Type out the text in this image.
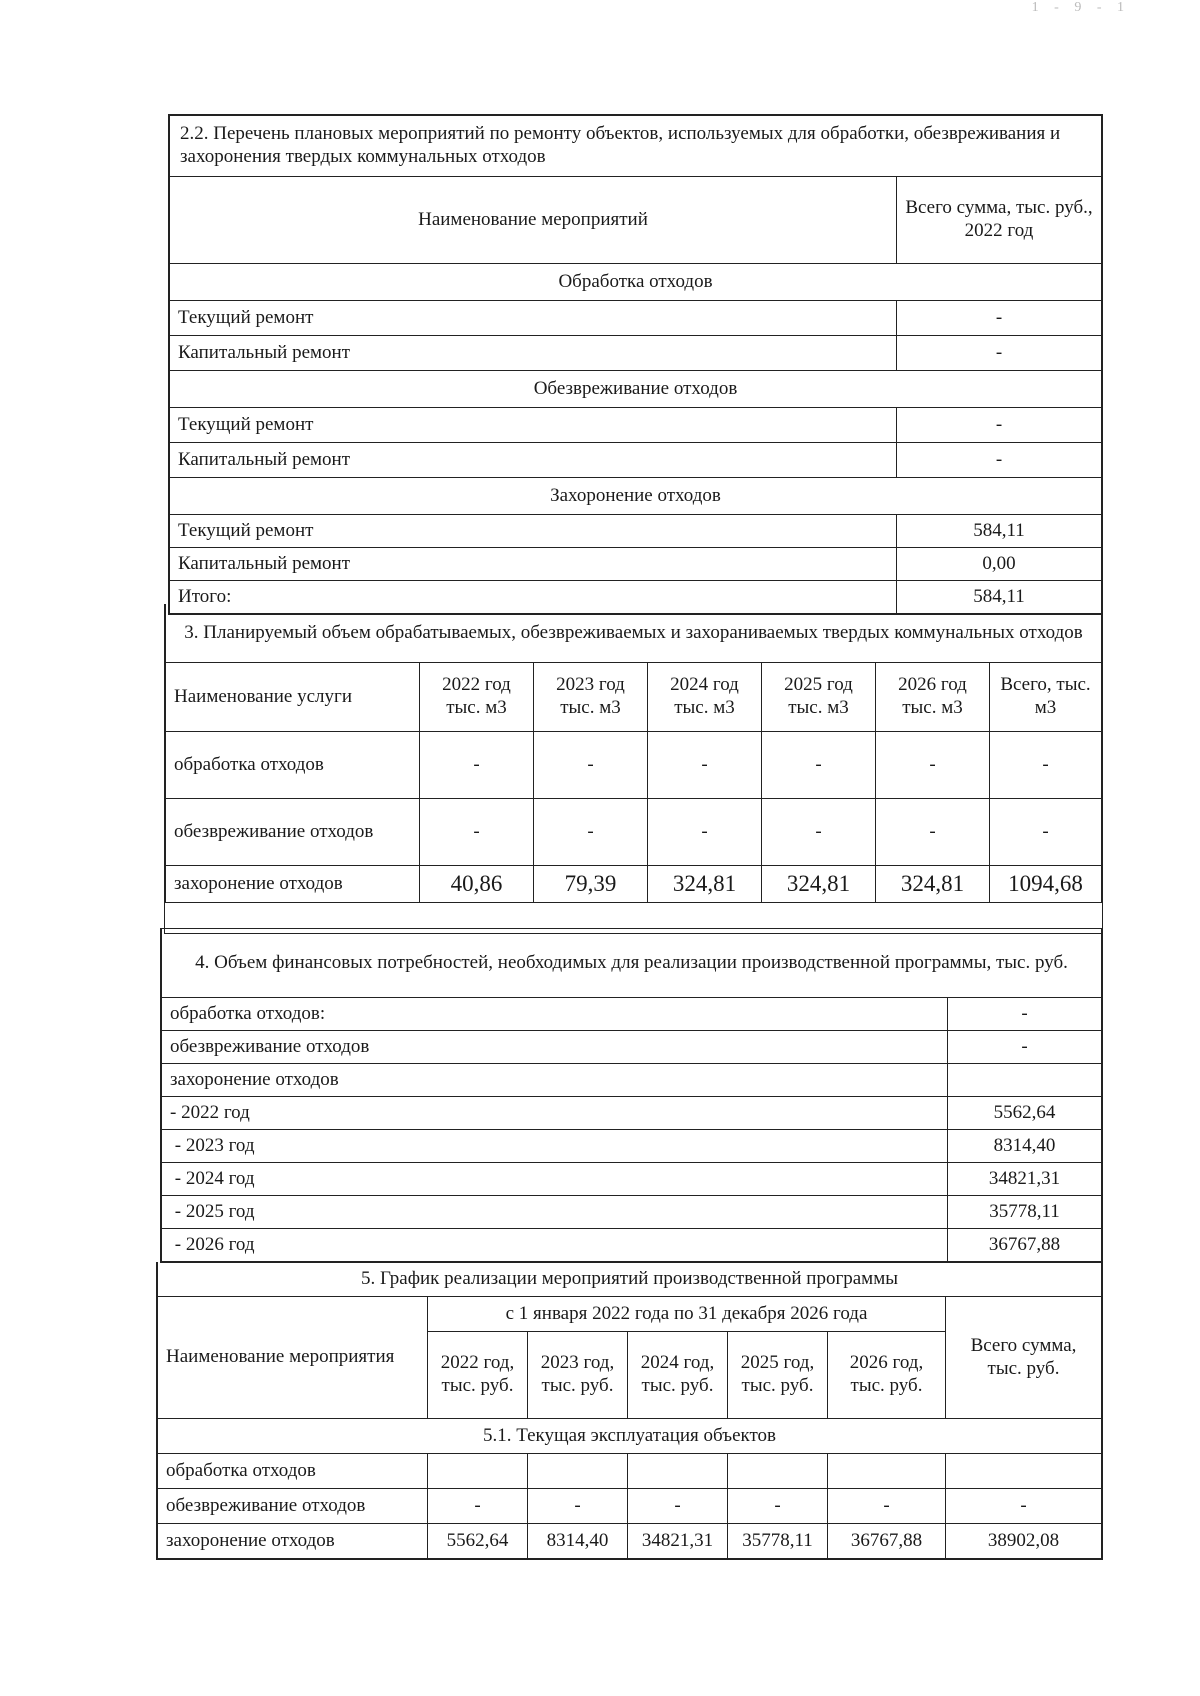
1 - 9 - 1
2.2. Перечень плановых мероприятий по ремонту объектов, используемых для обработки, обезвреживания и захоронения твердых коммунальных отходов	
Наименование мероприятий	Всего сумма, тыс. руб., 2022 год
Обработка отходов	
Текущий ремонт	-
Капитальный ремонт	-
Обезвреживание отходов	
Текущий ремонт	-
Капитальный ремонт	-
Захоронение отходов	
Текущий ремонт	584,11
Капитальный ремонт	0,00
Итого:	584,11
3. Планируемый объем обрабатываемых, обезвреживаемых и захораниваемых твердых коммунальных отходов						
Наименование услуги	2022 год тыс. м3	2023 год тыс. м3	2024 год тыс. м3	2025 год тыс. м3	2026 год тыс. м3	Всего, тыс. м3
обработка отходов	-	-	-	-	-	-
обезвреживание отходов	-	-	-	-	-	-
захоронение отходов	40,86	79,39	324,81	324,81	324,81	1094,68
4. Объем финансовых потребностей, необходимых для реализации производственной программы, тыс. руб.	
обработка отходов:	-
обезвреживание отходов	-
захоронение отходов	
- 2022 год	5562,64
- 2023 год	8314,40
- 2024 год	34821,31
- 2025 год	35778,11
- 2026 год	36767,88
5. График реализации мероприятий производственной программы						
Наименование мероприятия	с 1 января 2022 года по 31 декабря 2026 года					Всего сумма, тыс. руб.
	2022 год, тыс. руб.	2023 год, тыс. руб.	2024 год, тыс. руб.	2025 год, тыс. руб.	2026 год, тыс. руб.	
5.1. Текущая эксплуатация объектов						
обработка отходов						
обезвреживание отходов	-	-	-	-	-	-
захоронение отходов	5562,64	8314,40	34821,31	35778,11	36767,88	38902,08
